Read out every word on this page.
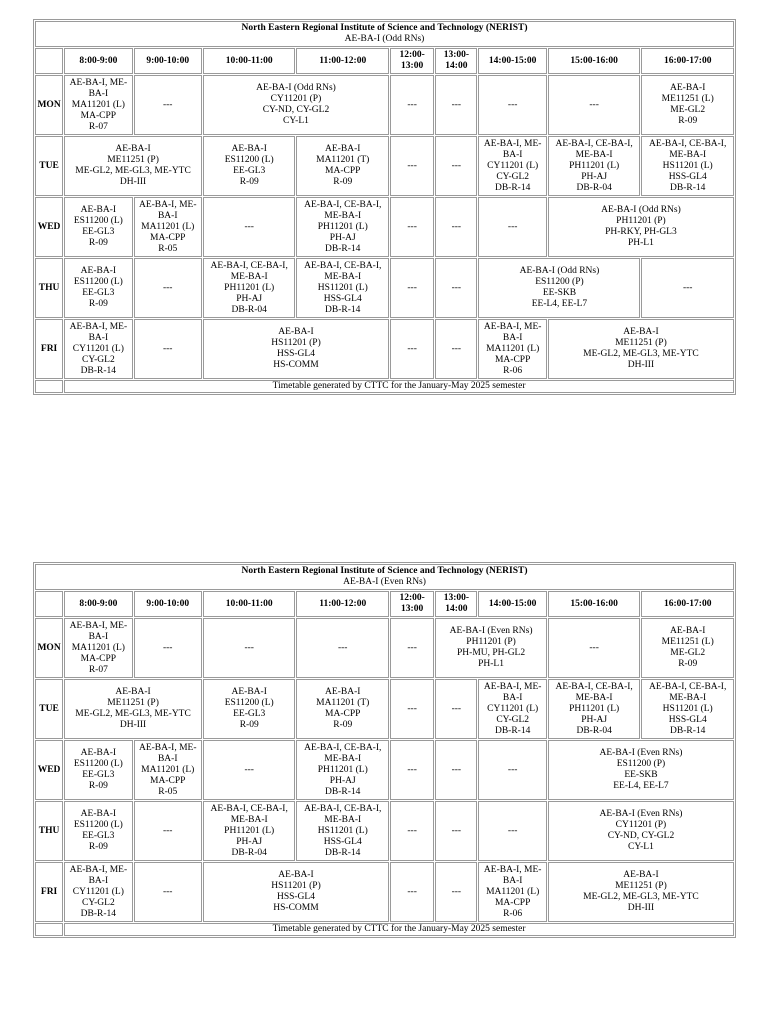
North Eastern Regional Institute of Science and Technology (NERIST)
AE-BA-I (Odd RNs)									

	8:00-9:00	9:00-10:00	10:00-11:00	11:00-12:00	12:00-13:00	13:00-14:00	14:00-15:00	15:00-16:00	16:00-17:00
MON	AE-BA-I, ME-BA-I
MA11201 (L)
MA-CPP
R-07	---	AE-BA-I (Odd RNs)
CY11201 (P)
CY-ND, CY-GL2
CY-L1		---	---	---	---	AE-BA-I
ME11251 (L)
ME-GL2
R-09

TUE	AE-BA-I
ME11251 (P)
ME-GL2, ME-GL3, ME-YTC
DH-III		AE-BA-I
ES11200 (L)
EE-GL3
R-09	AE-BA-I
MA11201 (T)
MA-CPP
R-09	---	---	AE-BA-I, ME-BA-I
CY11201 (L)
CY-GL2
DB-R-14	AE-BA-I, CE-BA-I, ME-BA-I
PH11201 (L)
PH-AJ
DB-R-04	AE-BA-I, CE-BA-I, ME-BA-I
HS11201 (L)
HSS-GL4
DB-R-14

WED	AE-BA-I
ES11200 (L)
EE-GL3
R-09	AE-BA-I, ME-BA-I
MA11201 (L)
MA-CPP
R-05	---	AE-BA-I, CE-BA-I, ME-BA-I
PH11201 (L)
PH-AJ
DB-R-14	---	---	---	AE-BA-I (Odd RNs)
PH11201 (P)
PH-RKY, PH-GL3
PH-L1	

THU	AE-BA-I
ES11200 (L)
EE-GL3
R-09	---	AE-BA-I, CE-BA-I, ME-BA-I
PH11201 (L)
PH-AJ
DB-R-04	AE-BA-I, CE-BA-I, ME-BA-I
HS11201 (L)
HSS-GL4
DB-R-14	---	---	AE-BA-I (Odd RNs)
ES11200 (P)
EE-SKB
EE-L4, EE-L7		---

FRI	AE-BA-I, ME-BA-I
CY11201 (L)
CY-GL2
DB-R-14	---	AE-BA-I
HS11201 (P)
HSS-GL4
HS-COMM		---	---	AE-BA-I, ME-BA-I
MA11201 (L)
MA-CPP
R-06	AE-BA-I
ME11251 (P)
ME-GL2, ME-GL3, ME-YTC
DH-III	

	Timetable generated by CTTC for the January-May 2025 semester								
North Eastern Regional Institute of Science and Technology (NERIST)
AE-BA-I (Even RNs)									

	8:00-9:00	9:00-10:00	10:00-11:00	11:00-12:00	12:00-13:00	13:00-14:00	14:00-15:00	15:00-16:00	16:00-17:00
MON	AE-BA-I, ME-BA-I
MA11201 (L)
MA-CPP
R-07	---	---	---	---	AE-BA-I (Even RNs)
PH11201 (P)
PH-MU, PH-GL2
PH-L1		---	AE-BA-I
ME11251 (L)
ME-GL2
R-09

TUE	AE-BA-I
ME11251 (P)
ME-GL2, ME-GL3, ME-YTC
DH-III		AE-BA-I
ES11200 (L)
EE-GL3
R-09	AE-BA-I
MA11201 (T)
MA-CPP
R-09	---	---	AE-BA-I, ME-BA-I
CY11201 (L)
CY-GL2
DB-R-14	AE-BA-I, CE-BA-I, ME-BA-I
PH11201 (L)
PH-AJ
DB-R-04	AE-BA-I, CE-BA-I, ME-BA-I
HS11201 (L)
HSS-GL4
DB-R-14

WED	AE-BA-I
ES11200 (L)
EE-GL3
R-09	AE-BA-I, ME-BA-I
MA11201 (L)
MA-CPP
R-05	---	AE-BA-I, CE-BA-I, ME-BA-I
PH11201 (L)
PH-AJ
DB-R-14	---	---	---	AE-BA-I (Even RNs)
ES11200 (P)
EE-SKB
EE-L4, EE-L7	

THU	AE-BA-I
ES11200 (L)
EE-GL3
R-09	---	AE-BA-I, CE-BA-I, ME-BA-I
PH11201 (L)
PH-AJ
DB-R-04	AE-BA-I, CE-BA-I, ME-BA-I
HS11201 (L)
HSS-GL4
DB-R-14	---	---	---	AE-BA-I (Even RNs)
CY11201 (P)
CY-ND, CY-GL2
CY-L1	

FRI	AE-BA-I, ME-BA-I
CY11201 (L)
CY-GL2
DB-R-14	---	AE-BA-I
HS11201 (P)
HSS-GL4
HS-COMM		---	---	AE-BA-I, ME-BA-I
MA11201 (L)
MA-CPP
R-06	AE-BA-I
ME11251 (P)
ME-GL2, ME-GL3, ME-YTC
DH-III	

	Timetable generated by CTTC for the January-May 2025 semester								
